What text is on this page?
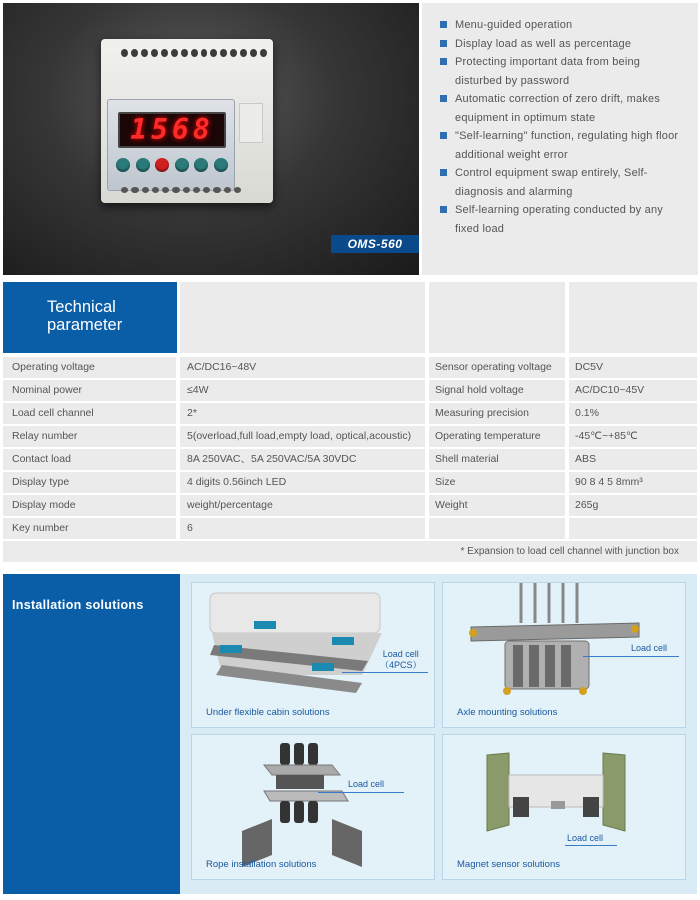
1568
OMS-560
Menu-guided operation
Display load as well as percentage
Protecting important data from being disturbed by password
Automatic correction of zero drift, makes equipment in optimum state
"Self-learning" function, regulating high floor additional weight error
Control equipment swap entirely, Self-diagnosis and alarming
Self-learning operating conducted by any fixed load
Technical
parameter
Operating voltage	AC/DC16~48V	Sensor operating voltage	DC5V
Nominal power	≤4W	Signal hold voltage	AC/DC10~45V
Load cell channel	2*	Measuring precision	0.1%
Relay number	5(overload,full load,empty load, optical,acoustic)	Operating temperature	-45℃~+85℃
Contact load	8A 250VAC、5A 250VAC/5A 30VDC	Shell material	ABS
Display type	4 digits 0.56inch LED	Size	90 8 4 5 8mm³
Display mode	weight/percentage	Weight	265g
Key number	6
* Expansion to load cell channel with junction box
Installation solutions
Load cell
（4PCS）
Under flexible cabin solutions
Load cell
Axle mounting solutions
Load cell
Rope installation solutions
Load cell
Magnet sensor solutions
